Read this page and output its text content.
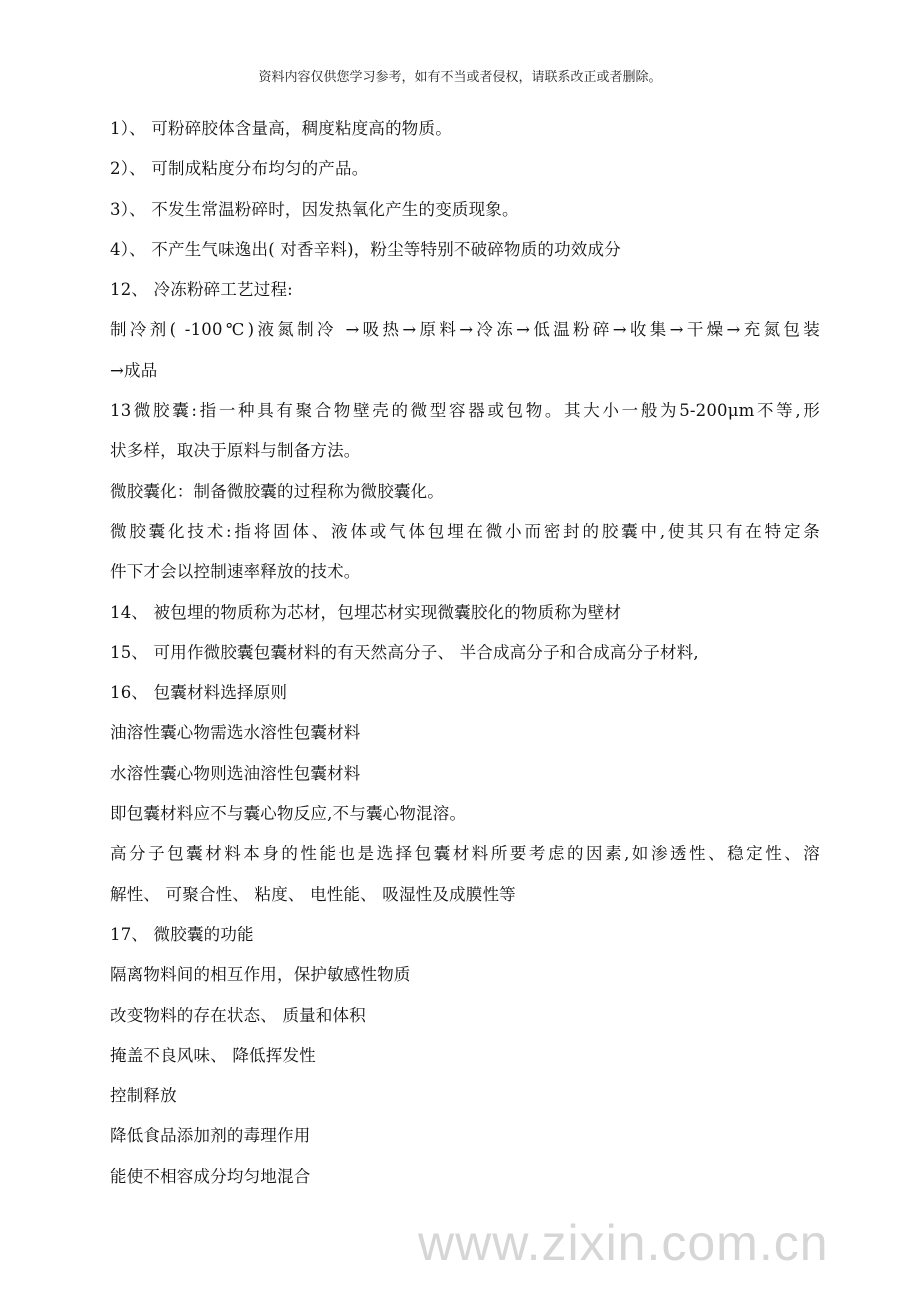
资料内容仅供您学习参考，如有不当或者侵权，请联系改正或者删除。
1）、 可粉碎胶体含量高，稠度粘度高的物质。
2）、 可制成粘度分布均匀的产品。
3）、 不发生常温粉碎时，因发热氧化产生的变质现象。
4）、 不产生气味逸出( 对香辛料)，粉尘等特别不破碎物质的功效成分
12、 冷冻粉碎工艺过程:
制冷剂( -100℃)液氮制冷 →吸热→原料→冷冻→低温粉碎→收集→干燥→充氮包装
→成品
13微胶囊:指一种具有聚合物壁壳的微型容器或包物。其大小一般为5-200μm不等,形
状多样，取决于原料与制备方法。
微胶囊化：制备微胶囊的过程称为微胶囊化。
微胶囊化技术:指将固体、液体或气体包埋在微小而密封的胶囊中,使其只有在特定条
件下才会以控制速率释放的技术。
14、 被包埋的物质称为芯材，包埋芯材实现微囊胶化的物质称为壁材
15、 可用作微胶囊包囊材料的有天然高分子、 半合成高分子和合成高分子材料,
16、 包囊材料选择原则
油溶性囊心物需选水溶性包囊材料
水溶性囊心物则选油溶性包囊材料
即包囊材料应不与囊心物反应,不与囊心物混溶。
高分子包囊材料本身的性能也是选择包囊材料所要考虑的因素,如渗透性、稳定性、溶
解性、 可聚合性、 粘度、 电性能、 吸湿性及成膜性等
17、 微胶囊的功能
隔离物料间的相互作用，保护敏感性物质
改变物料的存在状态、 质量和体积
掩盖不良风味、 降低挥发性
控制释放
降低食品添加剂的毒理作用
能使不相容成分均匀地混合
www.zixin.com.cn
